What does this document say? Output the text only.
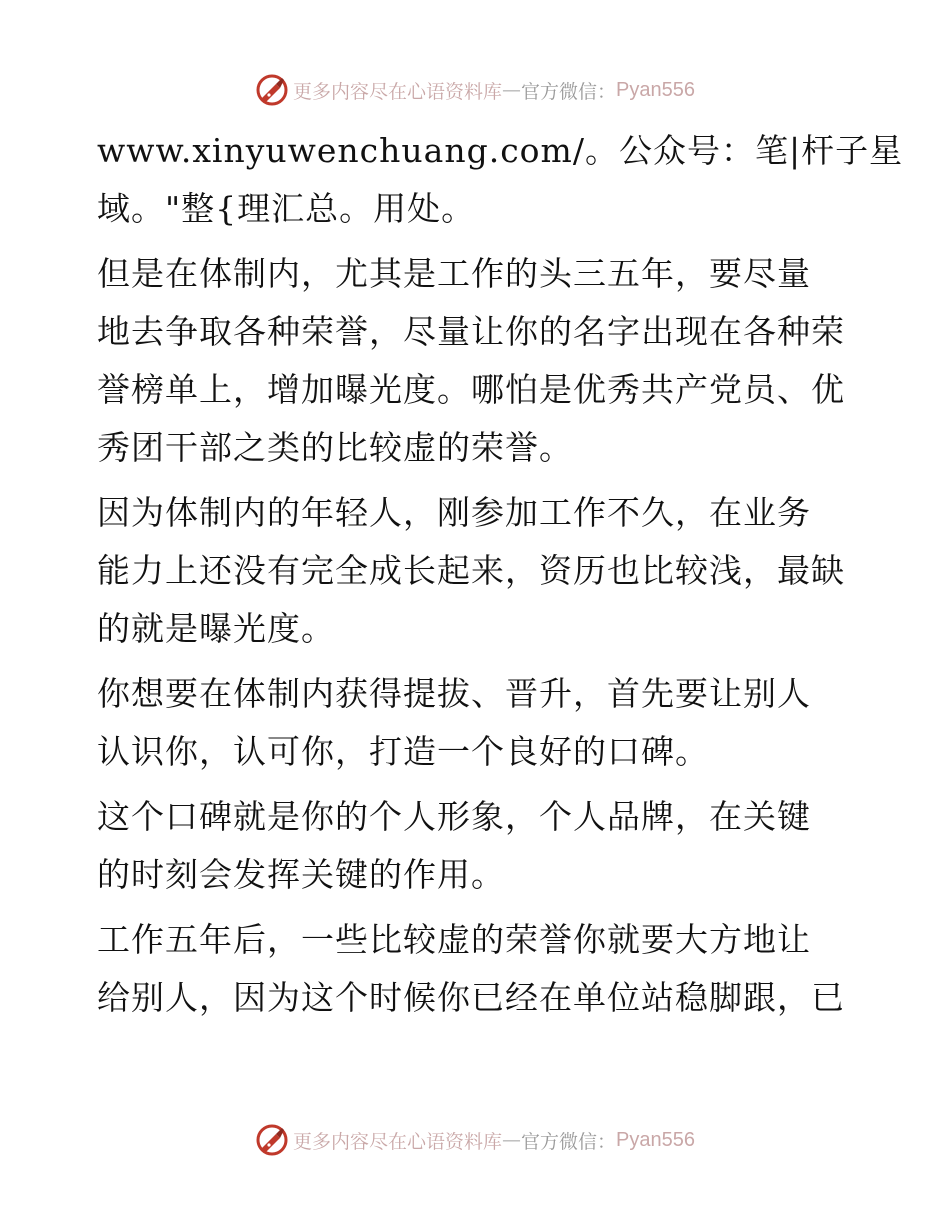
更多内容尽在心语资料库 — 官方微信： Pyan556

www.xinyuwenchuang.com/。公众号：笔|杆子星
域。"整{理汇总。用处。

但是在体制内，尤其是工作的头三五年，要尽量
地去争取各种荣誉，尽量让你的名字出现在各种荣
誉榜单上，增加曝光度。哪怕是优秀共产党员、优
秀团干部之类的比较虚的荣誉。

因为体制内的年轻人，刚参加工作不久，在业务
能力上还没有完全成长起来，资历也比较浅，最缺
的就是曝光度。

你想要在体制内获得提拔、晋升，首先要让别人
认识你，认可你，打造一个良好的口碑。

这个口碑就是你的个人形象，个人品牌，在关键
的时刻会发挥关键的作用。

工作五年后，一些比较虚的荣誉你就要大方地让
给别人，因为这个时候你已经在单位站稳脚跟，已

更多内容尽在心语资料库 — 官方微信： Pyan556
